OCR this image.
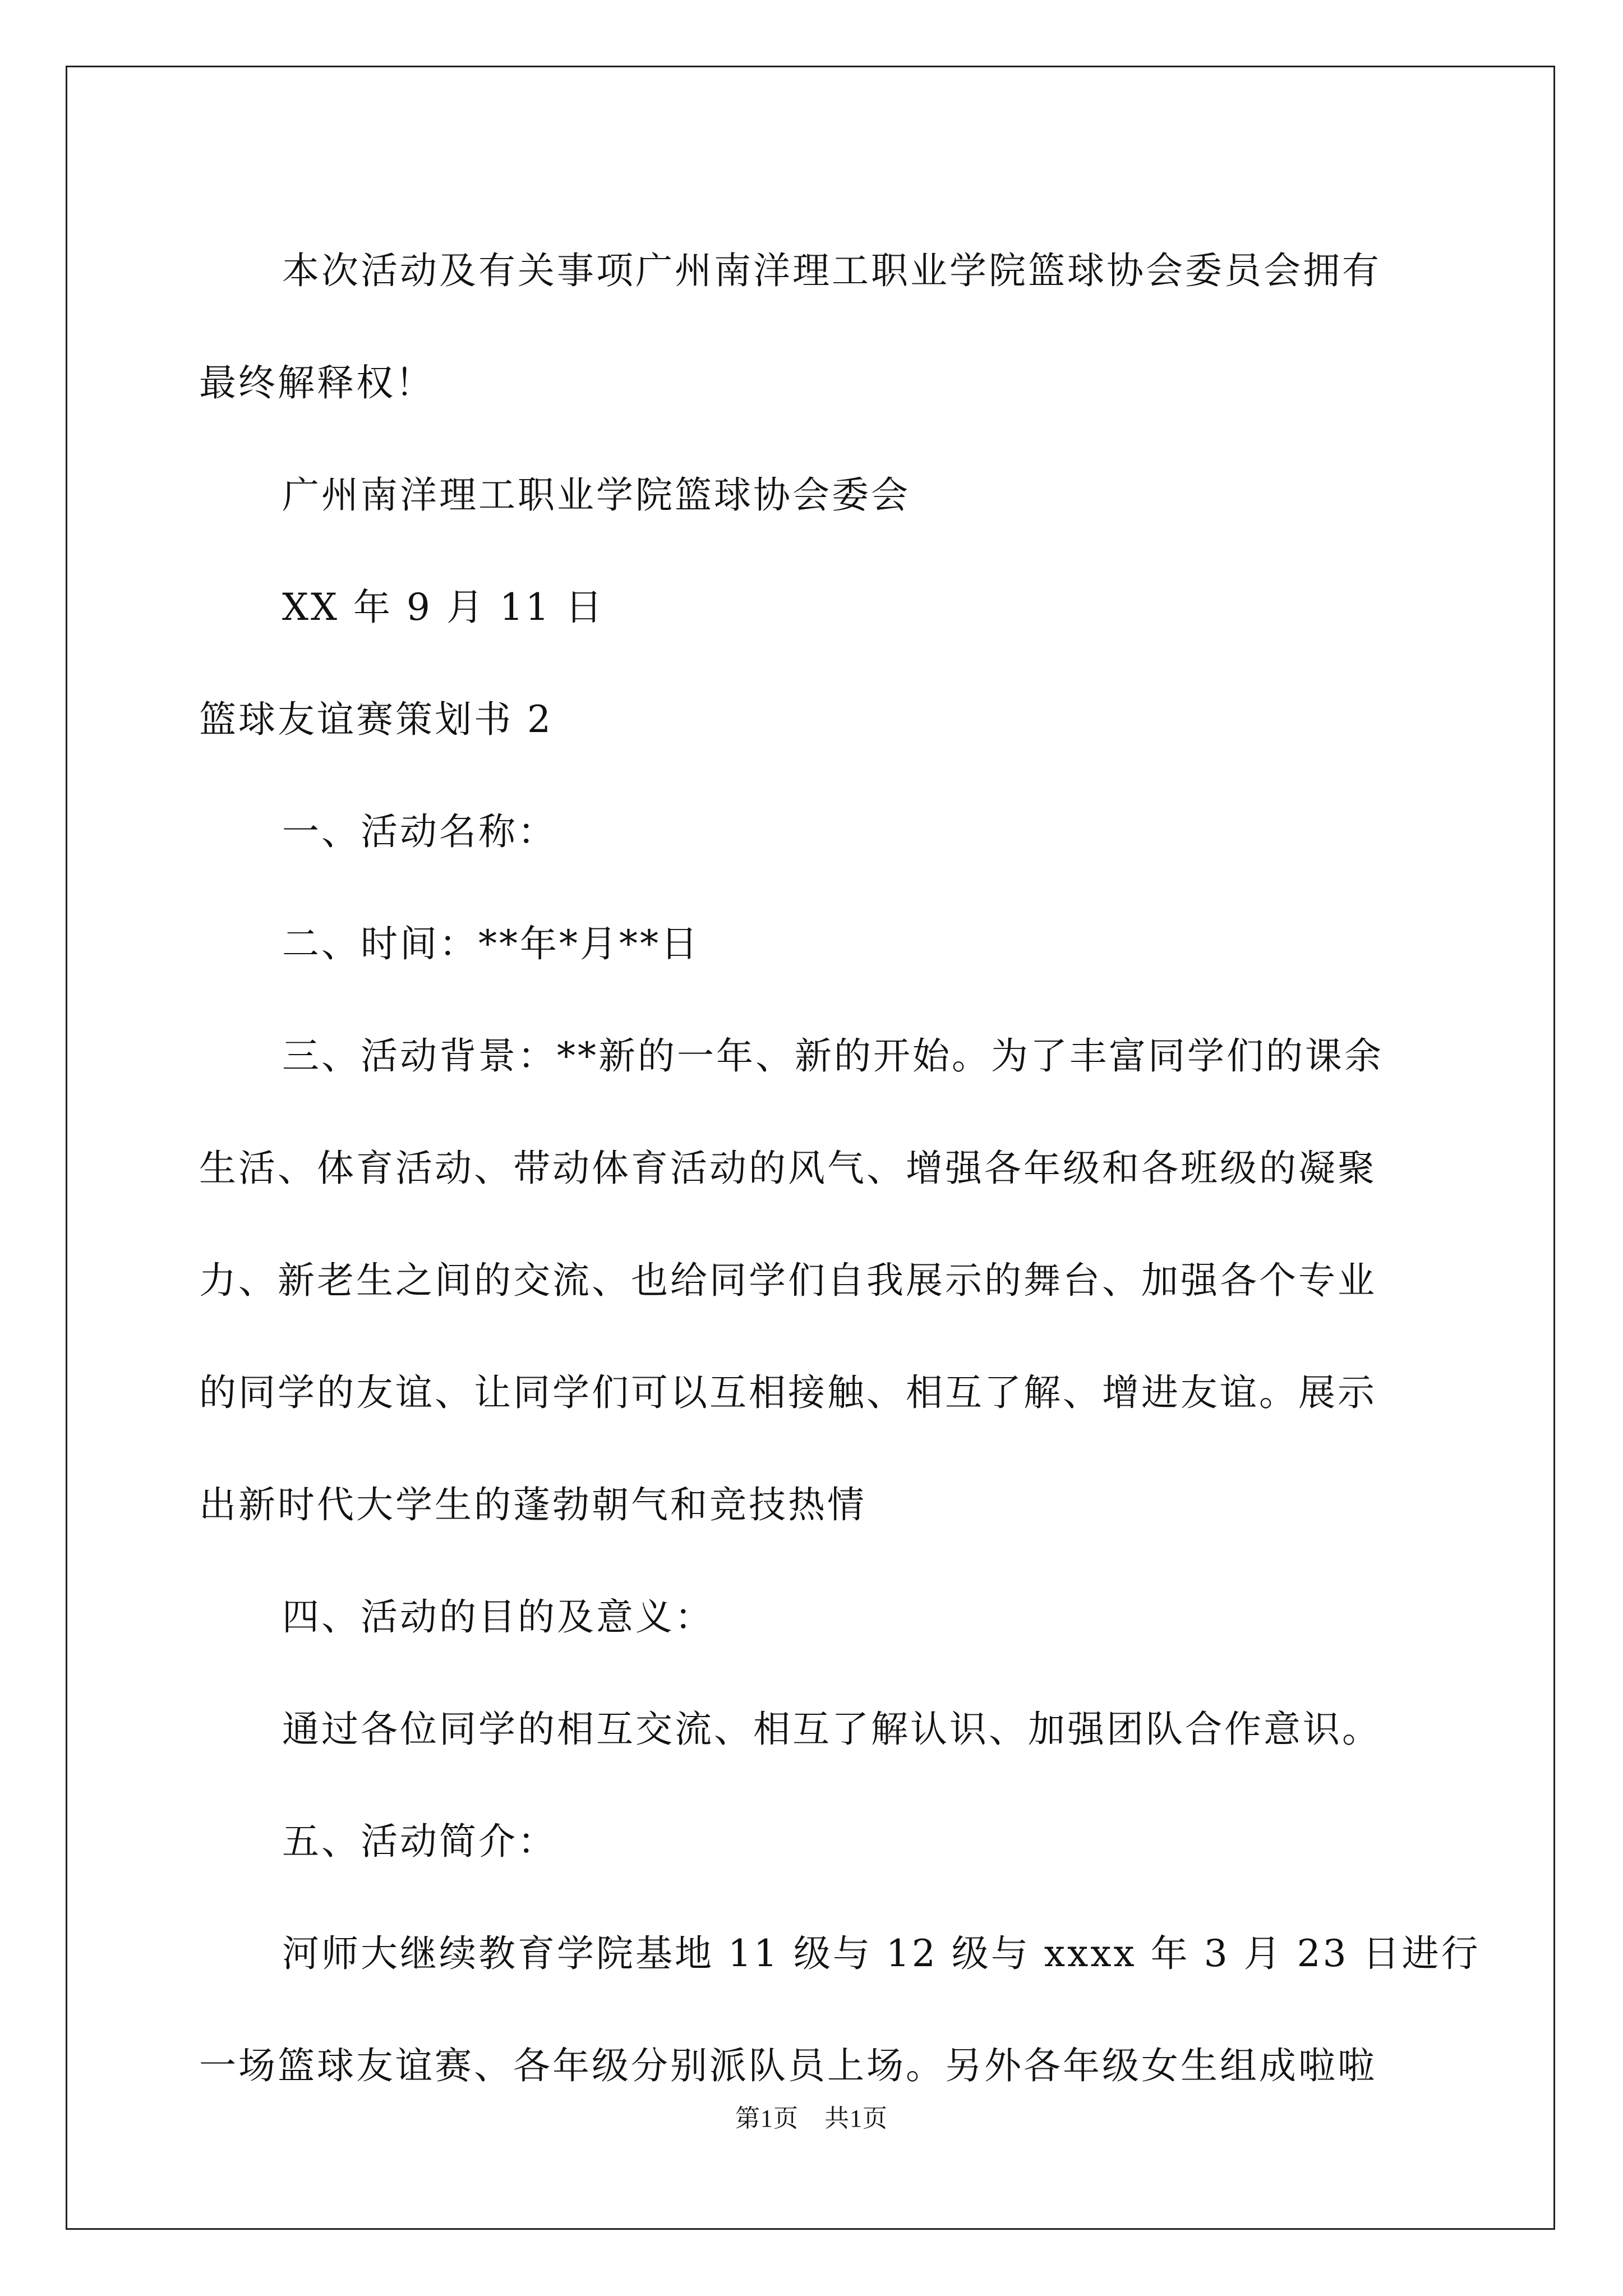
本次活动及有关事项广州南洋理工职业学院篮球协会委员会拥有
最终解释权！
广州南洋理工职业学院篮球协会委会
XX 年 9 月 11 日
篮球友谊赛策划书 2
一、活动名称：
二、时间：**年*月**日
三、活动背景：**新的一年、新的开始。为了丰富同学们的课余
生活、体育活动、带动体育活动的风气、增强各年级和各班级的凝聚
力、新老生之间的交流、也给同学们自我展示的舞台、加强各个专业
的同学的友谊、让同学们可以互相接触、相互了解、增进友谊。展示
出新时代大学生的蓬勃朝气和竞技热情
四、活动的目的及意义：
通过各位同学的相互交流、相互了解认识、加强团队合作意识。
五、活动简介：
河师大继续教育学院基地 11 级与 12 级与 xxxx 年 3 月 23 日进行
一场篮球友谊赛、各年级分别派队员上场。另外各年级女生组成啦啦
第1页 共1页
